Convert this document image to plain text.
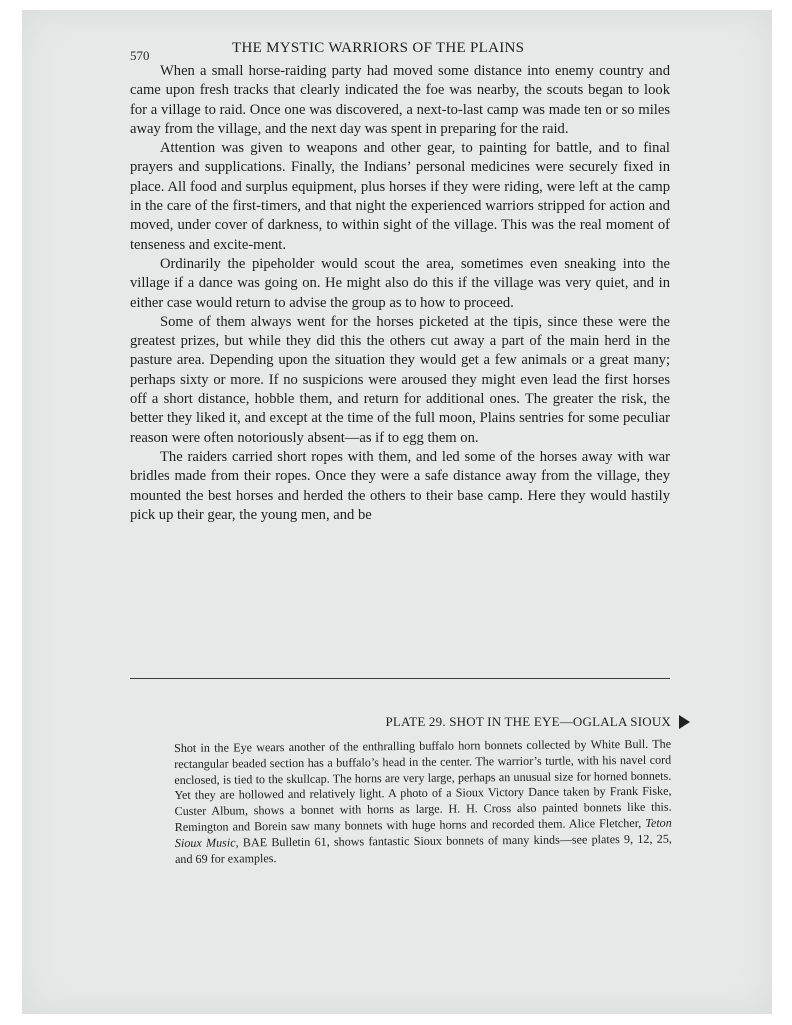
570	THE MYSTIC WARRIORS OF THE PLAINS

When a small horse-raiding party had moved some distance into enemy country and came upon fresh tracks that clearly indicated the foe was nearby, the scouts began to look for a village to raid. Once one was discovered, a next-to-last camp was made ten or so miles away from the village, and the next day was spent in preparing for the raid.

Attention was given to weapons and other gear, to painting for battle, and to final prayers and supplications. Finally, the Indians’ personal medicines were securely fixed in place. All food and surplus equipment, plus horses if they were riding, were left at the camp in the care of the first-timers, and that night the experienced warriors stripped for action and moved, under cover of darkness, to within sight of the village. This was the real moment of tenseness and excite-ment.

Ordinarily the pipeholder would scout the area, sometimes even sneaking into the village if a dance was going on. He might also do this if the village was very quiet, and in either case would return to advise the group as to how to proceed.

Some of them always went for the horses picketed at the tipis, since these were the greatest prizes, but while they did this the others cut away a part of the main herd in the pasture area. Depending upon the situation they would get a few animals or a great many; perhaps sixty or more. If no suspicions were aroused they might even lead the first horses off a short distance, hobble them, and return for additional ones. The greater the risk, the better they liked it, and except at the time of the full moon, Plains sentries for some peculiar reason were often notoriously absent—as if to egg them on.

The raiders carried short ropes with them, and led some of the horses away with war bridles made from their ropes. Once they were a safe distance away from the village, they mounted the best horses and herded the others to their base camp. Here they would hastily pick up their gear, the young men, and be

PLATE 29. SHOT IN THE EYE—OGLALA SIOUX
Shot in the Eye wears another of the enthralling buffalo horn bonnets collected by White Bull. The rectangular beaded section has a buffalo’s head in the center. The warrior’s turtle, with his navel cord enclosed, is tied to the skullcap. The horns are very large, perhaps an unusual size for horned bonnets. Yet they are hollowed and relatively light. A photo of a Sioux Victory Dance taken by Frank Fiske, Custer Album, shows a bonnet with horns as large. H. H. Cross also painted bonnets like this. Remington and Borein saw many bonnets with huge horns and recorded them. Alice Fletcher, Teton Sioux Music, BAE Bulletin 61, shows fantastic Sioux bonnets of many kinds—see plates 9, 12, 25, and 69 for examples.
